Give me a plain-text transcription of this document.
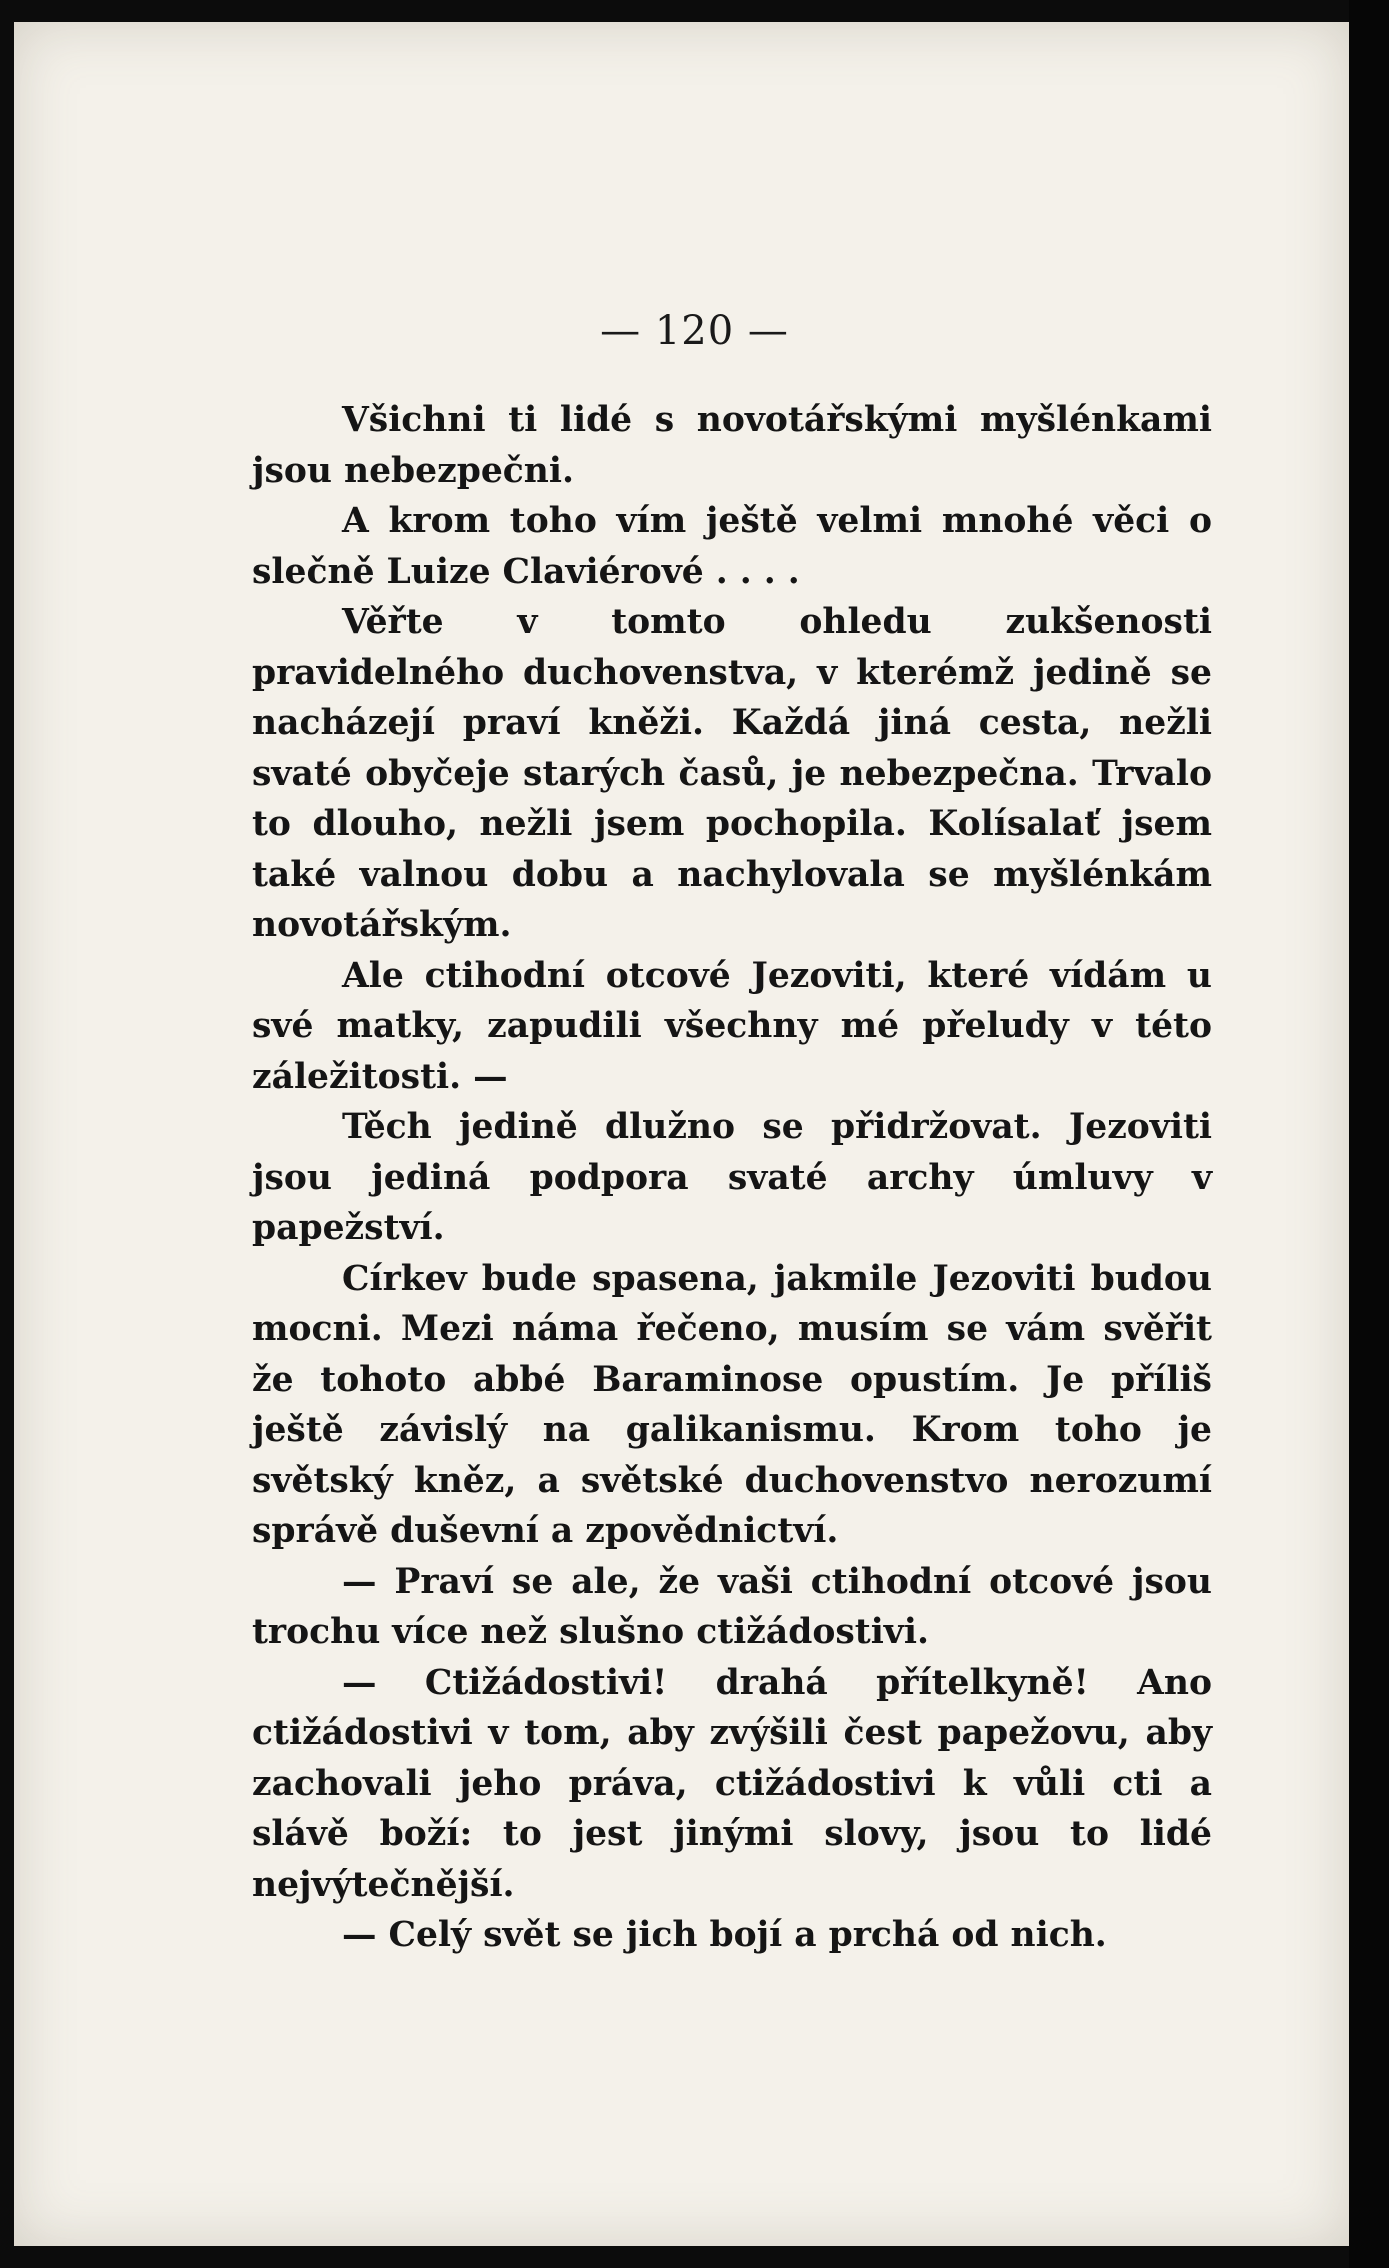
— 120 —

Všichni ti lidé s novotářskými myšlénkami jsou nebezpečni.

A krom toho vím ještě velmi mnohé věci o slečně Luize Claviérové . . . .

Věřte v tomto ohledu zukšenosti pravidelného duchovenstva, v kterémž jedině se nacházejí praví kněži. Každá jiná cesta, nežli svaté obyčeje starých časů, je nebezpečna. Trvalo to dlouho, nežli jsem pochopila. Kolísalať jsem také valnou dobu a nachylovala se myšlénkám novotářským.

Ale ctihodní otcové Jezoviti, které vídám u své matky, zapudili všechny mé přeludy v této záležitosti. —

Těch jedině dlužno se přidržovat. Jezoviti jsou jediná podpora svaté archy úmluvy v papežství.

Církev bude spasena, jakmile Jezoviti budou mocni. Mezi náma řečeno, musím se vám svěřit že tohoto abbé Baraminose opustím. Je příliš ještě závislý na galikanismu. Krom toho je světský kněz, a světské duchovenstvo nerozumí správě duševní a zpovědnictví.

— Praví se ale, že vaši ctihodní otcové jsou trochu více než slušno ctižádostivi.

— Ctižádostivi! drahá přítelkyně! Ano ctižádostivi v tom, aby zvýšili čest papežovu, aby zachovali jeho práva, ctižádostivi k vůli cti a slávě boží: to jest jinými slovy, jsou to lidé nejvýtečnější.

— Celý svět se jich bojí a prchá od nich.
